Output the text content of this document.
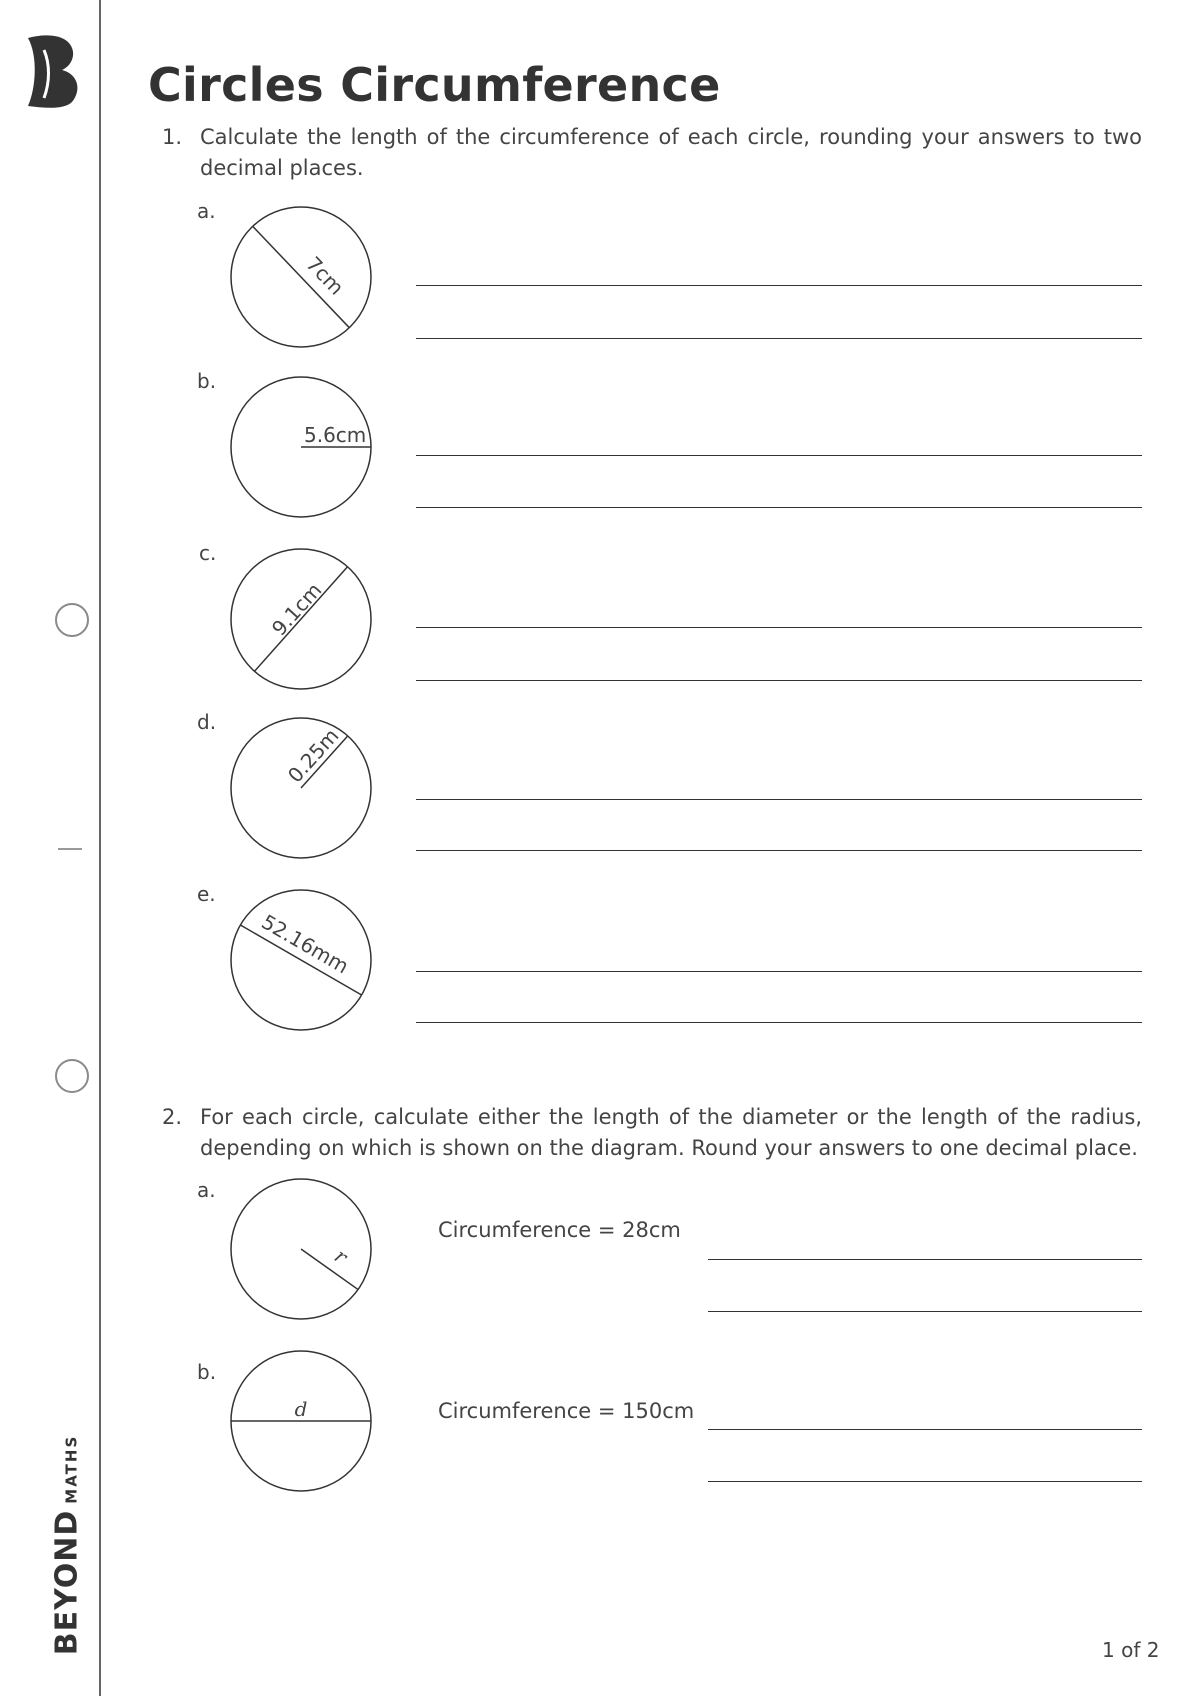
BEYONDMATHS
Circles Circumference
1. Calculate the length of the circumference of each circle, rounding your answers to two decimal places.
a.
7cm
b.
5.6cm
c.
9.1cm
d.
0.25m
e.
52.16mm
2. For each circle, calculate either the length of the diameter or the length of the radius, depending on which is shown on the diagram. Round your answers to one decimal place.
a.
r
Circumference = 28cm
b.
d	Circumference = 150cm
1 of 2
